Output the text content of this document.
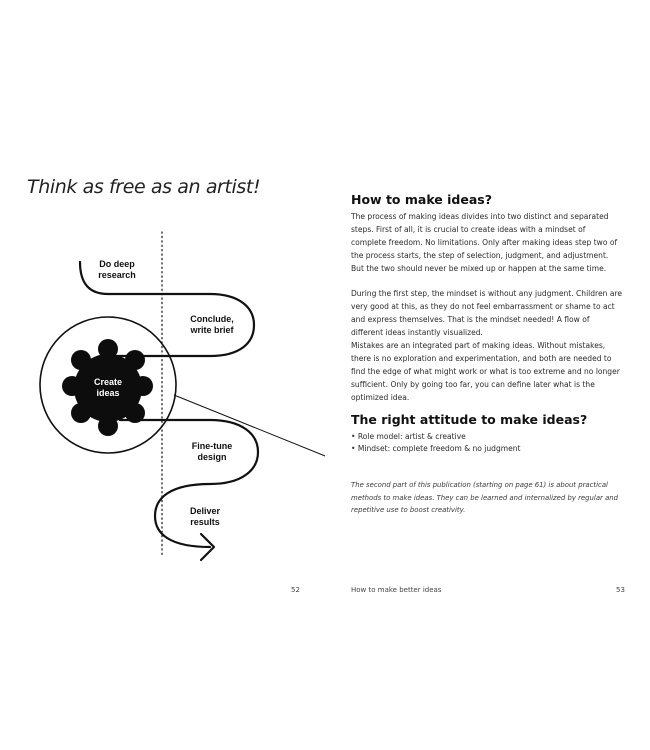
Think as free as an artist!
Do deep
research
Conclude,
write brief
Create
ideas
Fine-tune
design
Deliver
results
52
How to make ideas?

The process of making ideas divides into two distinct and separated steps. First of all, it is crucial to create ideas with a mindset of complete freedom. No limitations. Only after making ideas step two of the process starts, the step of selection, judgment, and adjustment. But the two should never be mixed up or happen at the same time.

During the first step, the mindset is without any judgment. Children are very good at this, as they do not feel embarrassment or shame to act and express themselves. That is the mindset needed! A flow of different ideas instantly visualized.

Mistakes are an integrated part of making ideas. Without mistakes, there is no exploration and experimentation, and both are needed to find the edge of what might work or what is too extreme and no longer sufficient. Only by going too far, you can define later what is the optimized idea.

The right attitude to make ideas?
• Role model: artist & creative
• Mindset: complete freedom & no judgment

The second part of this publication (starting on page 61) is about practical methods to make ideas. They can be learned and internalized by regular and repetitive use to boost creativity.

How to make better ideas	53
